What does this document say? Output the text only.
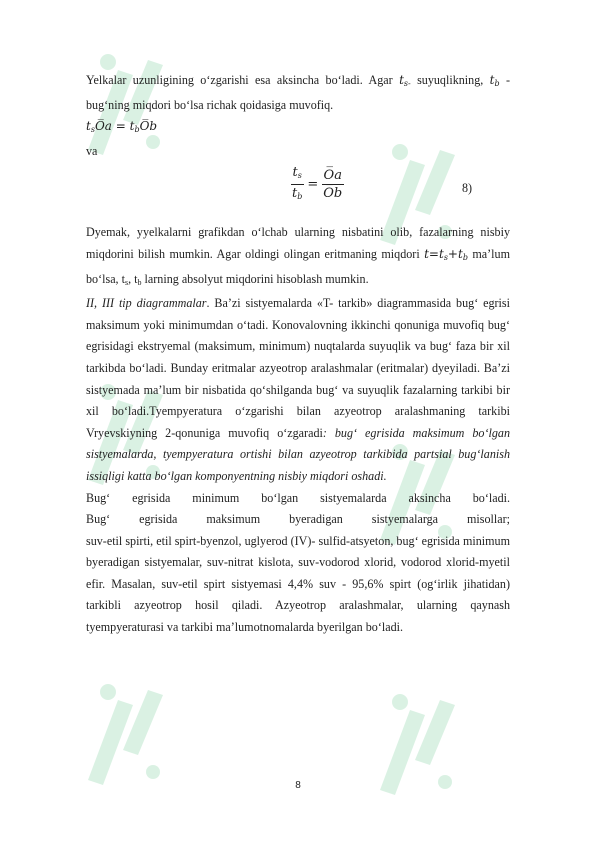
Yelkalar uzunligining o‘zgarishi esa aksincha bo‘ladi. Agar $t_{s-}$ suyuqlikning, $t_b$ - bug‘ning miqdori bo‘lsa richak qoidasiga muvofiq.

$t_sO̅a$ = $t_bO̅b$

va

$\frac{t_s}{t_b} = \frac{O̅a}{O̅b}$	8)

Dyemak, yyelkalarni grafikdan o‘lchab ularning nisbatini olib, fazalarning nisbiy miqdorini bilish mumkin. Agar oldingi olingan eritmaning miqdori $t=t_s+t_b$ ma’lum bo‘lsa, $t_s$, $t_b$ larning absolyut miqdorini hisoblash mumkin.

II, III tip diagrammalar. Ba’zi sistyemalarda «T- tarkib» diagrammasida bug‘ egrisi maksimum yoki minimumdan o‘tadi. Konovalovning ikkinchi qonuniga muvofiq bug‘ egrisidagi ekstryemal (maksimum, minimum) nuqtalarda suyuqlik va bug‘ faza bir xil tarkibda bo‘ladi. Bunday eritmalar azyeotrop aralashmalar (eritmalar) dyeyiladi. Ba’zi sistyemada ma’lum bir nisbatida qo‘shilganda bug‘ va suyuqlik fazalarning tarkibi bir xil bo‘ladi.Tyempyeratura o‘zgarishi bilan azyeotrop aralashmaning tarkibi Vryevskiyning 2-qonuniga muvofiq o‘zgaradi: bug‘ egrisida maksimum bo‘lgan sistyemalarda, tyempyeratura ortishi bilan azyeotrop tarkibida partsial bug‘lanish issiqligi katta bo‘lgan komponyentning nisbiy miqdori oshadi.

Bug‘ egrisida minimum bo‘lgan sistyemalarda aksincha bo‘ladi.

Bug‘ egrisida maksimum byeradigan sistyemalarga misollar;

suv-etil spirti, etil spirt-byenzol, uglyerod (IV)- sulfid-atsyeton, bug‘ egrisida minimum byeradigan sistyemalar, suv-nitrat kislota, suv-vodorod xlorid, vodorod xlorid-myetil efir. Masalan, suv-etil spirt sistyemasi 4,4% suv - 95,6% spirt (og‘irlik jihatidan) tarkibli azyeotrop hosil qiladi. Azyeotrop aralashmalar, ularning qaynash tyempyeraturasi va tarkibi ma’lumotnomalarda byerilgan bo‘ladi.

8
